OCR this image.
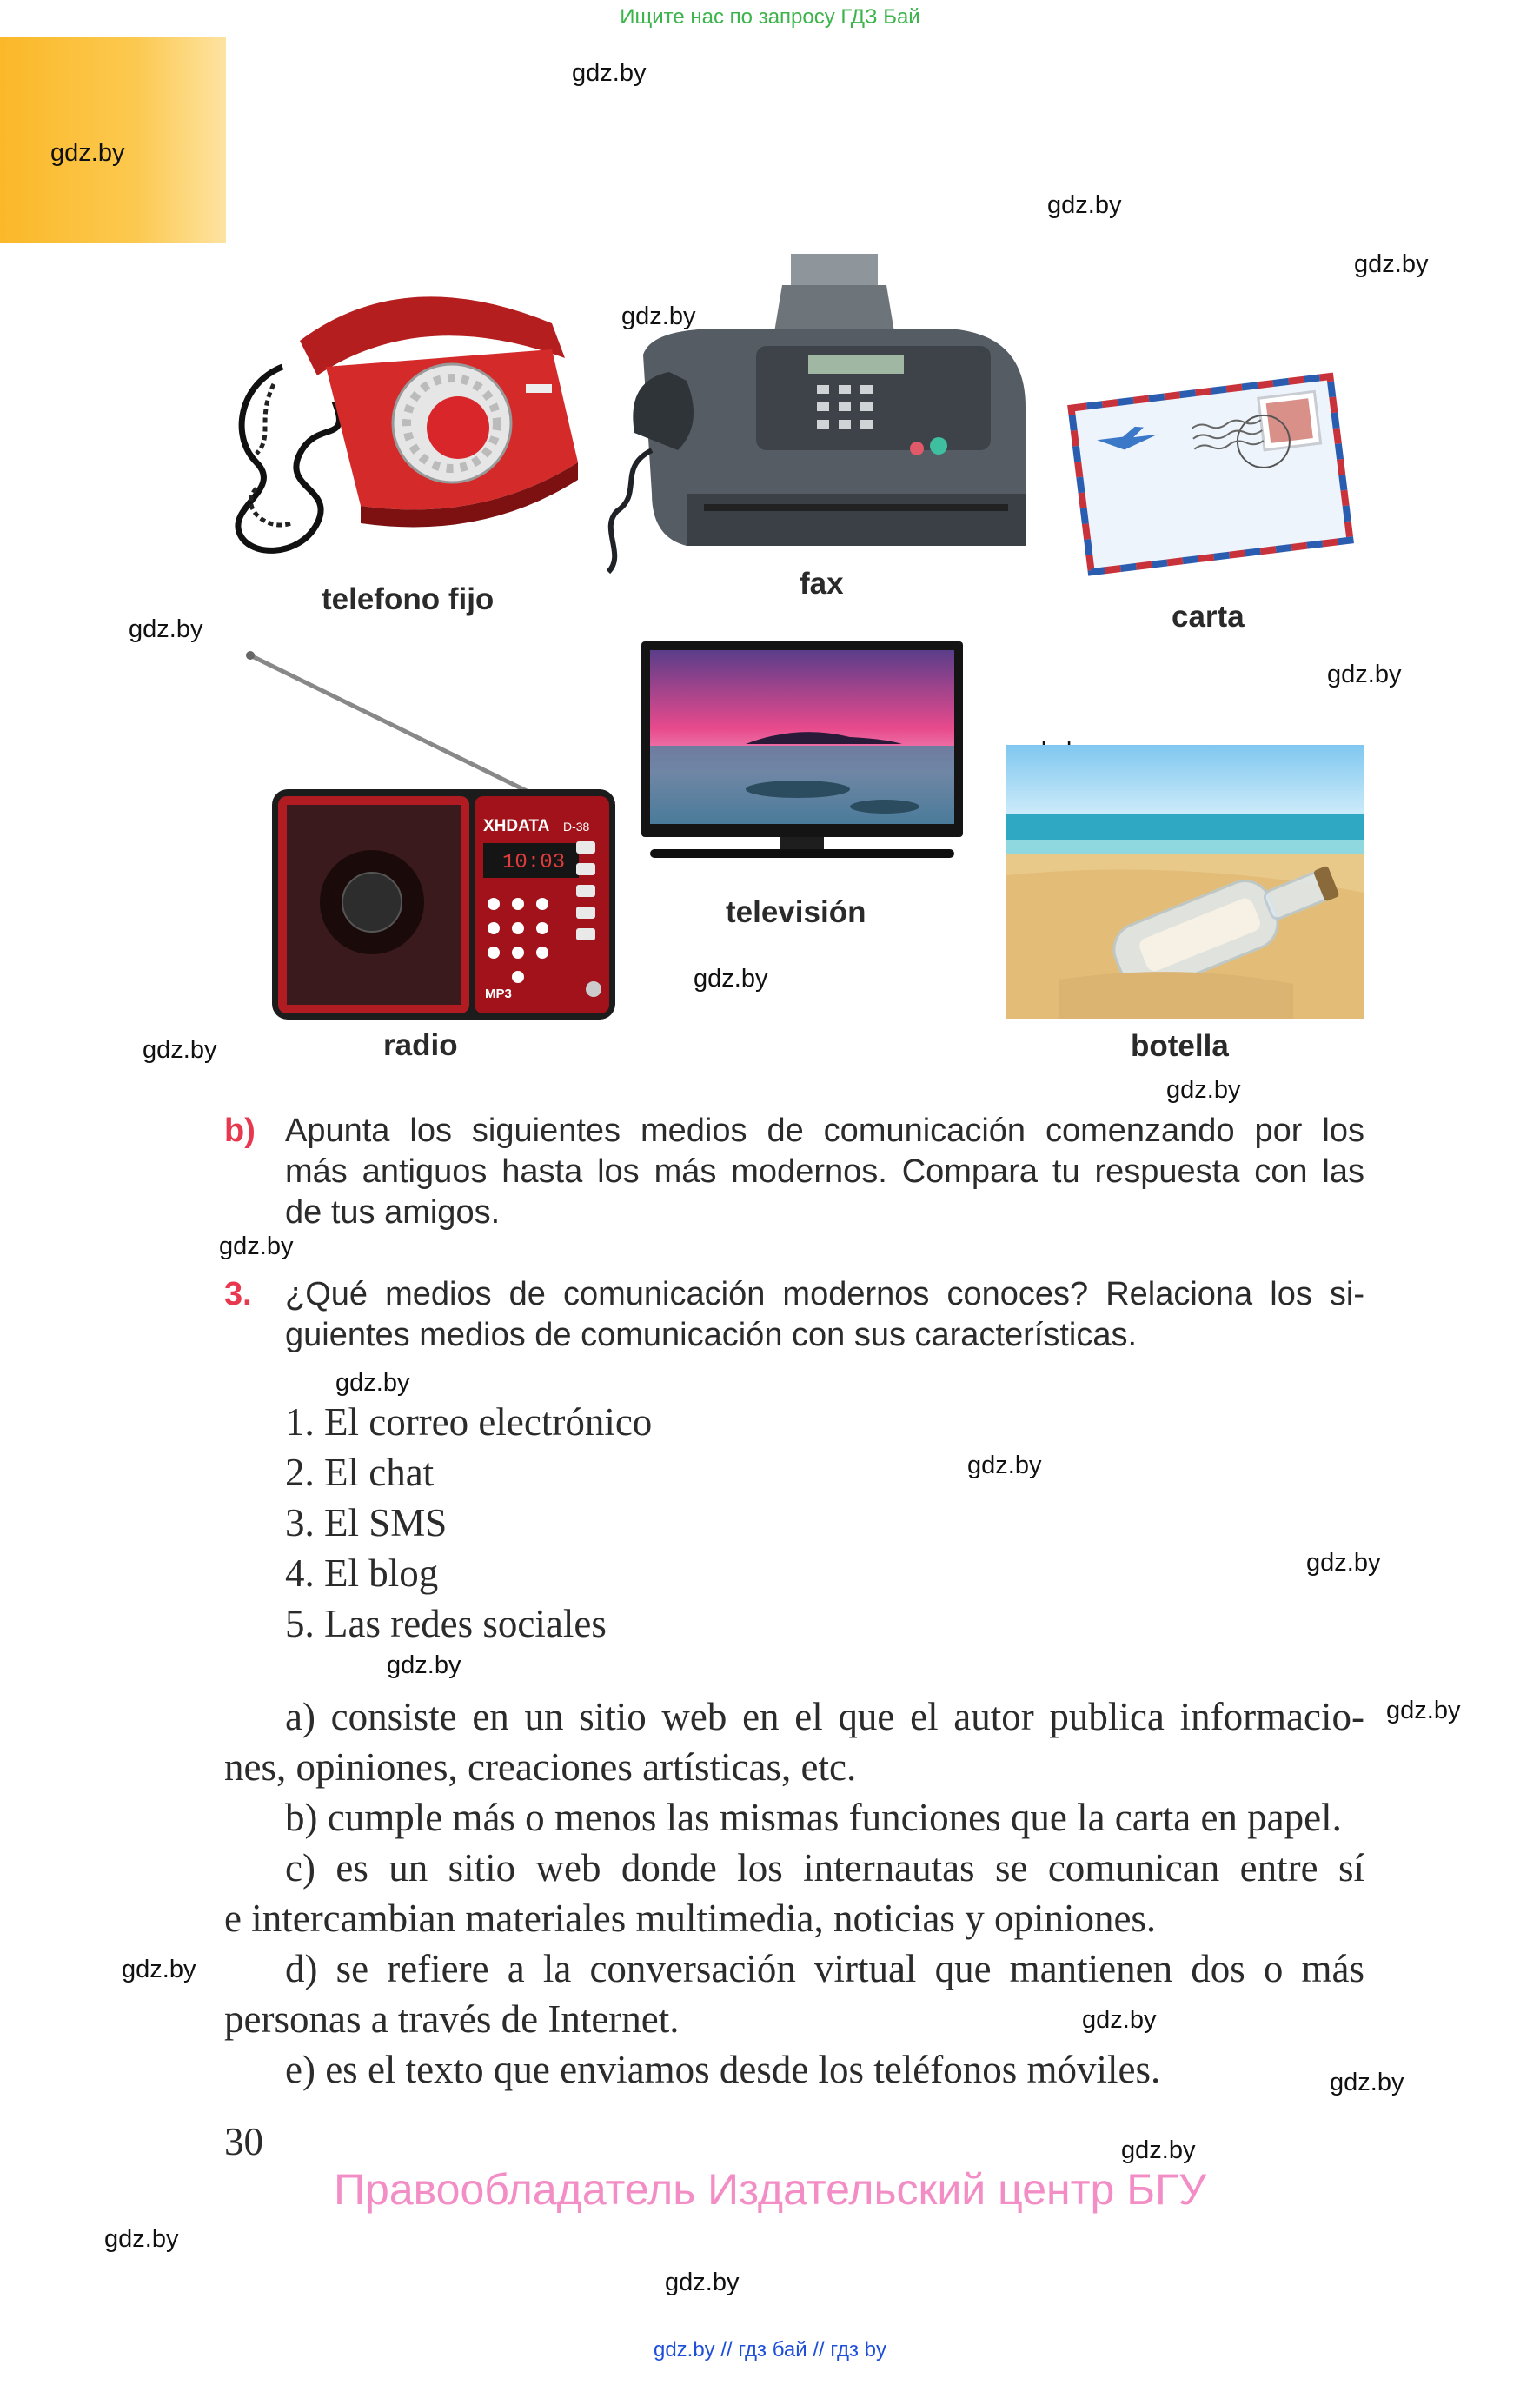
Ищите нас по запросу ГДЗ Бай
gdz.by
gdz.by
gdz.by
gdz.by
gdz.by
gdz.by
gdz.by
gdz.by
gdz.by
gdz.by
gdz.by
gdz.by
gdz.by
gdz.by
gdz.by
gdz.by
gdz.by
gdz.by
gdz.by
gdz.by
gdz.by
gdz.by
XHDATA D-38
10:03
MP3
telefono fijo	fax
carta
televisión
radio	botella
b) Apunta los siguientes medios de comunicación comenzando por los
más antiguos hasta los más modernos. Compara tu respuesta con las
de tus amigos.
3. ¿Qué medios de comunicación modernos conoces? Relaciona los si-
guientes medios de comunicación con sus características.
1. El correo electrónico
2. El chat
3. El SMS
4. El blog
5. Las redes sociales
a) consiste en un sitio web en el que el autor publica informacio-
nes, opiniones, creaciones artísticas, etc.
b) cumple más o menos las mismas funciones que la carta en papel.
c) es un sitio web donde los internautas se comunican entre sí
e intercambian materiales multimedia, noticias y opiniones.
d) se refiere a la conversación virtual que mantienen dos o más
personas a través de Internet.
e) es el texto que enviamos desde los teléfonos móviles.
30
Правообладатель Издательский центр БГУ
gdz.by // гдз бай // гдз by
